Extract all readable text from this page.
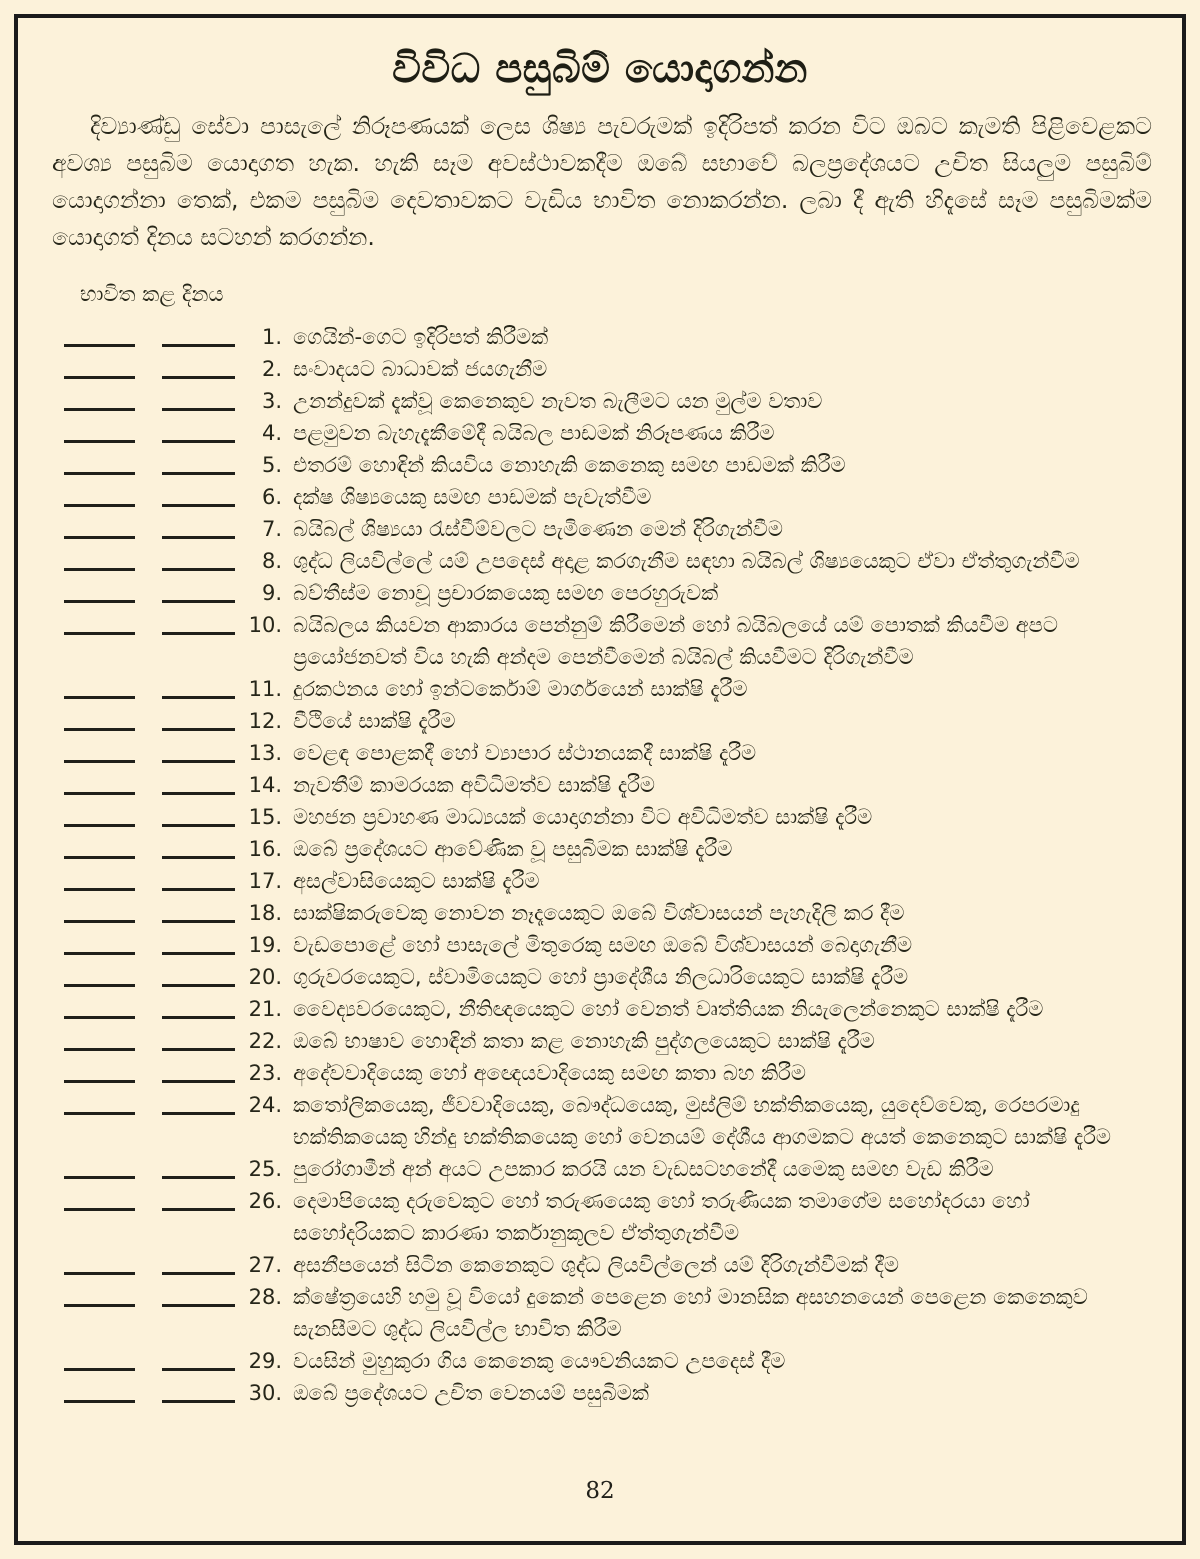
විවිධ පසුබිම් යොදාගන්න

දිව්‍යාණ්ඩු සේවා පාසැලේ නිරූපණයක් ලෙස ශිෂ්‍ය පැවරුමක් ඉදිරිපත් කරන විට ඔබට කැමති පිළිවෙළකට අවශ්‍ය පසුබිම යොදාගත හැක. හැකි සෑම අවස්ථාවකදීම ඔබේ සභාවේ බලප්‍රදේශයට උචිත සියලුම පසුබිම් යොදාගන්නා තෙක්, එකම පසුබිම දෙවතාවකට වැඩිය භාවිත නොකරන්න. ලබා දී ඇති හිදැසේ සෑම පසුබිමක්ම යොදාගත් දිනය සටහන් කරගන්න.

භාවිත කළ දිනය
1. ගෙයින්-ගෙට ඉදිරිපත් කිරීමක්
2. සංවාදයට බාධාවක් ජයගැනීම
3. උනන්දුවක් දැක්වූ කෙනෙකුව නැවත බැලීමට යන මුල්ම වතාව
4. පළමුවන බැහැදැකීමේදී බයිබල පාඩමක් නිරූපණය කිරීම
5. එතරම් හොඳින් කියවිය නොහැකි කෙනෙකු සමඟ පාඩමක් කිරීම
6. දක්ෂ ශිෂ්‍යයෙකු සමඟ පාඩමක් පැවැත්වීම
7. බයිබල් ශිෂ්‍යයා රැස්වීම්වලට පැමිණෙන මෙන් දිරිගැන්වීම
8. ශුද්ධ ලියවිල්ලේ යම් උපදෙස් අදාළ කරගැනීම සඳහා බයිබල් ශිෂ්‍යයෙකුට ඒවා ඒත්තුගැන්වීම
9. බව්තීස්ම නොවූ ප්‍රචාරකයෙකු සමඟ පෙරහුරුවක්
10. බයිබලය කියවන ආකාරය පෙන්නුම් කිරීමෙන් හෝ බයිබලයේ යම් පොතක් කියවීම අපට ප්‍රයෝජනවත් විය හැකි අන්දම පෙන්වීමෙන් බයිබල් කියවීමට දිරිගැන්වීම
11. දුරකථනය හෝ ඉන්ටර්කොම් මාර්ගයෙන් සාක්ෂි දැරීම
12. වීථියේ සාක්ෂි දැරීම
13. වෙළඳ පොළකදී හෝ ව්‍යාපාර ස්ථානයකදී සාක්ෂි දැරීම
14. නැවතීම් කාමරයක අවිධිමත්ව සාක්ෂි දැරීම
15. මහජන ප්‍රවාහණ මාධ්‍යයක් යොදාගන්නා විට අවිධිමත්ව සාක්ෂි දැරීම
16. ඔබේ ප්‍රදේශයට ආවේණික වූ පසුබිමක සාක්ෂි දැරීම
17. අසල්වාසියෙකුට සාක්ෂි දැරීම
18. සාක්ෂිකරුවෙකු නොවන නෑදෑයෙකුට ඔබේ විශ්වාසයන් පැහැදිලි කර දීම
19. වැඩපොළේ හෝ පාසැලේ මිතුරෙකු සමඟ ඔබේ විශ්වාසයන් බෙදාගැනීම
20. ගුරුවරයෙකුට, ස්වාමියෙකුට හෝ ප්‍රාදේශීය නිලධාරියෙකුට සාක්ෂි දැරීම
21. වෛද්‍යවරයෙකුට, නීතිඥයෙකුට හෝ වෙනත් වෘත්තියක නියැලෙන්නෙකුට සාක්ෂි දැරීම
22. ඔබේ භාෂාව හොඳින් කතා කළ නොහැකි පුද්ගලයෙකුට සාක්ෂි දැරීම
23. අදේවවාදියෙකු හෝ අඥෙයවාදියෙකු සමඟ කතා බහ කිරීම
24. කතෝලිකයෙකු, ජීවවාදියෙකු, බෞද්ධයෙකු, මුස්ලිම් භක්තිකයෙකු, යුදෙව්වෙකු, රෙපරමාදු භක්තිකයෙකු හින්දු භක්තිකයෙකු හෝ වෙනයම් දේශීය ආගමකට අයත් කෙනෙකුට සාක්ෂි දැරීම
25. පුරෝගාමීන් අන් අයට උපකාර කරයි යන වැඩසටහනේදී යමෙකු සමඟ වැඩ කිරීම
26. දෙමාපියෙකු දරුවෙකුට හෝ තරුණයෙකු හෝ තරුණියක තමාගේම සහෝදරයා හෝ සහෝදරියකට කාරණා තර්කානුකූලව ඒත්තුගැන්වීම
27. අසනීපයෙන් සිටින කෙනෙකුට ශුද්ධ ලියවිල්ලෙන් යම් දිරිගැන්වීමක් දීම
28. ක්ෂේත්‍රයෙහි හමු වූ වියෝ දුකෙන් පෙළෙන හෝ මානසික අසහනයෙන් පෙළෙන කෙනෙකුව සැනසීමට ශුද්ධ ලියවිල්ල භාවිත කිරීම
29. වයසින් මුහුකුරා ගිය කෙනෙකු යෞවනියකට උපදෙස් දීම
30. ඔබේ ප්‍රදේශයට උචිත වෙනයම් පසුබිමක්
82
